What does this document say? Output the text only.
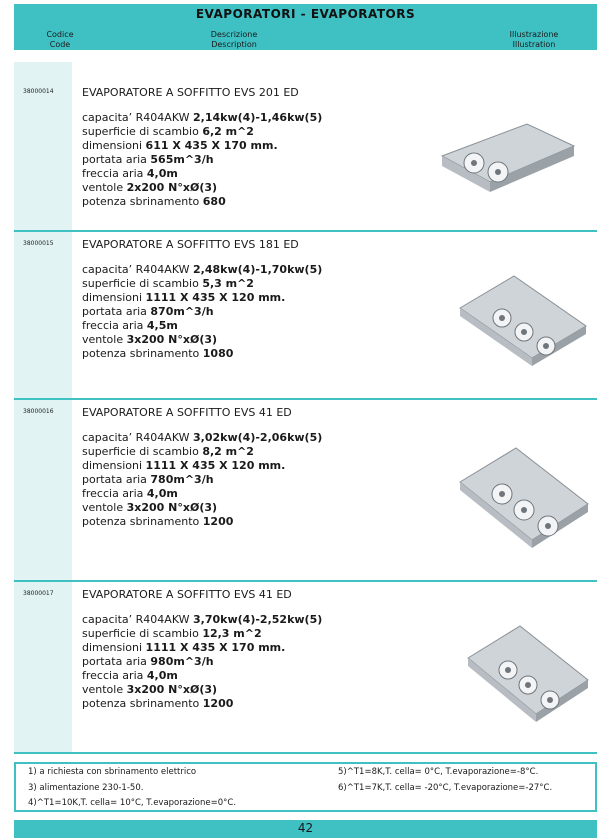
EVAPORATORI - EVAPORATORS
Codice
Code
Descrizione
Description
Illustrazione
Illustration
38000014	EVAPORATORE A SOFFITTO EVS 201 ED
capacita’ R404AKW 2,14kw(4)-1,46kw(5)
superficie di scambio 6,2 m^2
dimensioni 611 X 435 X 170 mm.
portata aria 565m^3/h
freccia aria 4,0m
ventole 2x200 N°xØ(3)
potenza sbrinamento 680
38000015	EVAPORATORE A SOFFITTO EVS 181 ED
capacita’ R404AKW 2,48kw(4)-1,70kw(5)
superficie di scambio 5,3 m^2
dimensioni 1111 X 435 X 120 mm.
portata aria 870m^3/h
freccia aria 4,5m
ventole 3x200 N°xØ(3)
potenza sbrinamento 1080
38000016	EVAPORATORE A SOFFITTO EVS 41 ED
capacita’ R404AKW 3,02kw(4)-2,06kw(5)
superficie di scambio 8,2 m^2
dimensioni 1111 X 435 X 120 mm.
portata aria 780m^3/h
freccia aria 4,0m
ventole 3x200 N°xØ(3)
potenza sbrinamento 1200
38000017	EVAPORATORE A SOFFITTO EVS 41 ED
capacita’ R404AKW 3,70kw(4)-2,52kw(5)
superficie di scambio 12,3 m^2
dimensioni 1111 X 435 X 170 mm.
portata aria 980m^3/h
freccia aria 4,0m
ventole 3x200 N°xØ(3)
potenza sbrinamento 1200
1) a richiesta con sbrinamento elettrico
3) alimentazione 230-1-50.
4)^T1=10K,T. cella= 10°C, T.evaporazione=0°C.
5)^T1=8K,T. cella= 0°C, T.evaporazione=-8°C.
6)^T1=7K,T. cella= -20°C, T.evaporazione=-27°C.
42
